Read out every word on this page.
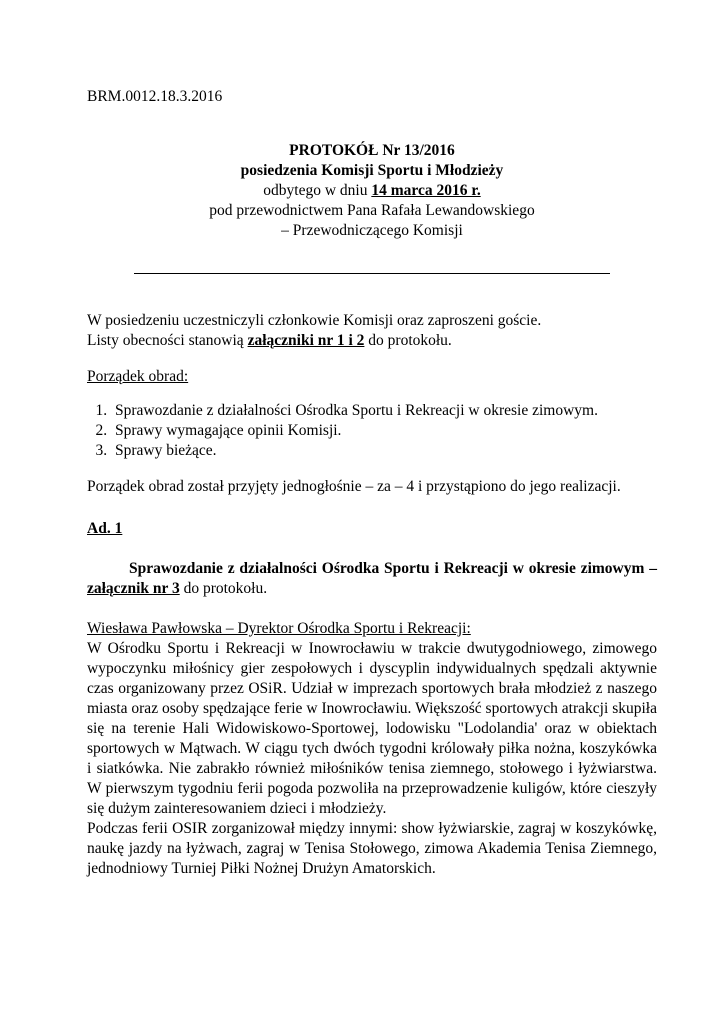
BRM.0012.18.3.2016

PROTOKÓŁ Nr 13/2016
posiedzenia Komisji Sportu i Młodzieży
odbytego w dniu 14 marca 2016 r.
pod przewodnictwem Pana Rafała Lewandowskiego
– Przewodniczącego Komisji

W posiedzeniu uczestniczyli członkowie Komisji oraz zaproszeni goście.

Listy obecności stanowią załączniki nr 1 i 2 do protokołu.

Porządek obrad:

1. Sprawozdanie z działalności Ośrodka Sportu i Rekreacji w okresie zimowym.
2. Sprawy wymagające opinii Komisji.
3. Sprawy bieżące.

Porządek obrad został przyjęty jednogłośnie – za – 4 i przystąpiono do jego realizacji.

Ad. 1

Sprawozdanie z działalności Ośrodka Sportu i Rekreacji w okresie zimowym – załącznik nr 3 do protokołu.

Wiesława Pawłowska – Dyrektor Ośrodka Sportu i Rekreacji:

W Ośrodku Sportu i Rekreacji w Inowrocławiu w trakcie dwutygodniowego, zimowego wypoczynku miłośnicy gier zespołowych i dyscyplin indywidualnych spędzali aktywnie czas organizowany przez OSiR. Udział w imprezach sportowych brała młodzież z naszego miasta oraz osoby spędzające ferie w Inowrocławiu. Większość sportowych atrakcji skupiła się na terenie Hali Widowiskowo-Sportowej, lodowisku "Lodolandia' oraz w obiektach sportowych w Mątwach. W ciągu tych dwóch tygodni królowały piłka nożna, koszykówka i siatkówka. Nie zabrakło również miłośników tenisa ziemnego, stołowego i łyżwiarstwa. W pierwszym tygodniu ferii pogoda pozwoliła na przeprowadzenie kuligów, które cieszyły się dużym zainteresowaniem dzieci i młodzieży.

Podczas ferii OSIR zorganizował między innymi: show łyżwiarskie, zagraj w koszykówkę, naukę jazdy na łyżwach, zagraj w Tenisa Stołowego, zimowa Akademia Tenisa Ziemnego, jednodniowy Turniej Piłki Nożnej Drużyn Amatorskich.
